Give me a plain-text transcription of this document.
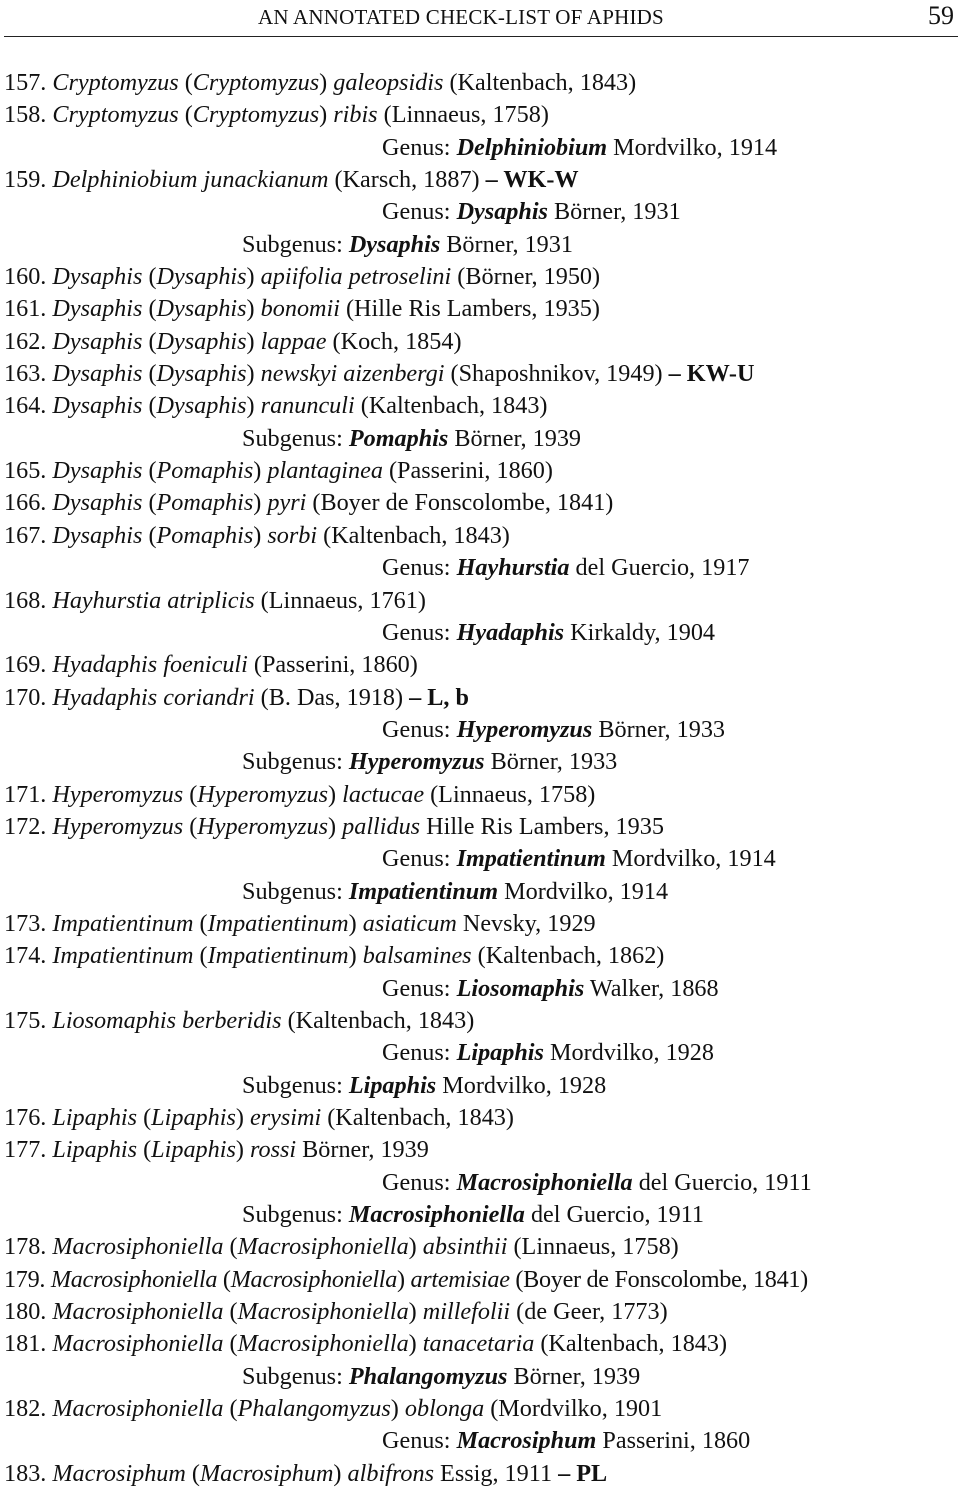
AN ANNOTATED CHECK-LIST OF APHIDS	59
157. Cryptomyzus (Cryptomyzus) galeopsidis (Kaltenbach, 1843)
158. Cryptomyzus (Cryptomyzus) ribis (Linnaeus, 1758)
Genus: Delphiniobium Mordvilko, 1914
159. Delphiniobium junackianum (Karsch, 1887) – WK-W
Genus: Dysaphis Börner, 1931
Subgenus: Dysaphis Börner, 1931
160. Dysaphis (Dysaphis) apiifolia petroselini (Börner, 1950)
161. Dysaphis (Dysaphis) bonomii (Hille Ris Lambers, 1935)
162. Dysaphis (Dysaphis) lappae (Koch, 1854)
163. Dysaphis (Dysaphis) newskyi aizenbergi (Shaposhnikov, 1949) – KW-U
164. Dysaphis (Dysaphis) ranunculi (Kaltenbach, 1843)
Subgenus: Pomaphis Börner, 1939
165. Dysaphis (Pomaphis) plantaginea (Passerini, 1860)
166. Dysaphis (Pomaphis) pyri (Boyer de Fonscolombe, 1841)
167. Dysaphis (Pomaphis) sorbi (Kaltenbach, 1843)
Genus: Hayhurstia del Guercio, 1917
168. Hayhurstia atriplicis (Linnaeus, 1761)
Genus: Hyadaphis Kirkaldy, 1904
169. Hyadaphis foeniculi (Passerini, 1860)
170. Hyadaphis coriandri (B. Das, 1918) – L, b
Genus: Hyperomyzus Börner, 1933
Subgenus: Hyperomyzus Börner, 1933
171. Hyperomyzus (Hyperomyzus) lactucae (Linnaeus, 1758)
172. Hyperomyzus (Hyperomyzus) pallidus Hille Ris Lambers, 1935
Genus: Impatientinum Mordvilko, 1914
Subgenus: Impatientinum Mordvilko, 1914
173. Impatientinum (Impatientinum) asiaticum Nevsky, 1929
174. Impatientinum (Impatientinum) balsamines (Kaltenbach, 1862)
Genus: Liosomaphis Walker, 1868
175. Liosomaphis berberidis (Kaltenbach, 1843)
Genus: Lipaphis Mordvilko, 1928
Subgenus: Lipaphis Mordvilko, 1928
176. Lipaphis (Lipaphis) erysimi (Kaltenbach, 1843)
177. Lipaphis (Lipaphis) rossi Börner, 1939
Genus: Macrosiphoniella del Guercio, 1911
Subgenus: Macrosiphoniella del Guercio, 1911
178. Macrosiphoniella (Macrosiphoniella) absinthii (Linnaeus, 1758)
179. Macrosiphoniella (Macrosiphoniella) artemisiae (Boyer de Fonscolombe, 1841)
180. Macrosiphoniella (Macrosiphoniella) millefolii (de Geer, 1773)
181. Macrosiphoniella (Macrosiphoniella) tanacetaria (Kaltenbach, 1843)
Subgenus: Phalangomyzus Börner, 1939
182. Macrosiphoniella (Phalangomyzus) oblonga (Mordvilko, 1901
Genus: Macrosiphum Passerini, 1860
183. Macrosiphum (Macrosiphum) albifrons Essig, 1911 – PL
